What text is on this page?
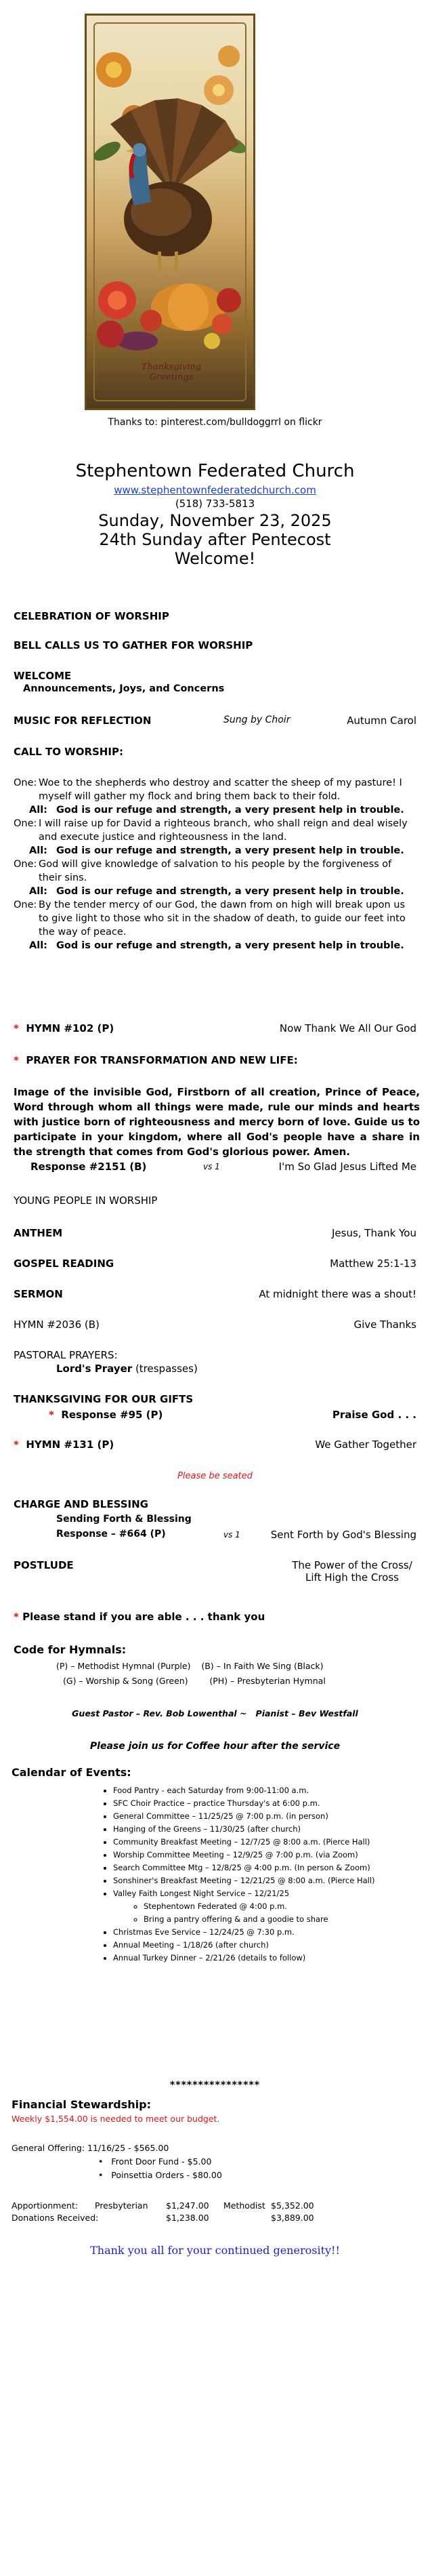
Thanksgiving
Greetings
Thanks to: pinterest.com/bulldoggrrl on flickr
Stephentown Federated Church
www.stephentownfederatedchurch.com
(518) 733-5813
Sunday, November 23, 2025
24th Sunday after Pentecost
Welcome!
CELEBRATION OF WORSHIP
BELL CALLS US TO GATHER FOR WORSHIP
WELCOME
Announcements, Joys, and Concerns
MUSIC FOR REFLECTION	Sung by Choir	Autumn Carol
CALL TO WORSHIP:
One: Woe to the shepherds who destroy and scatter the sheep of my pasture! I myself will gather my flock and bring them back to their fold.
All: God is our refuge and strength, a very present help in trouble.
One: I will raise up for David a righteous branch, who shall reign and deal wisely and execute justice and righteousness in the land.
All: God is our refuge and strength, a very present help in trouble.
One: God will give knowledge of salvation to his people by the forgiveness of their sins.
All: God is our refuge and strength, a very present help in trouble.
One: By the tender mercy of our God, the dawn from on high will break upon us to give light to those who sit in the shadow of death, to guide our feet into the way of peace.
All: God is our refuge and strength, a very present help in trouble.
* HYMN #102 (P)	Now Thank We All Our God
* PRAYER FOR TRANSFORMATION AND NEW LIFE:
Image of the invisible God, Firstborn of all creation, Prince of Peace, Word through whom all things were made, rule our minds and hearts with justice born of righteousness and mercy born of love. Guide us to participate in your kingdom, where all God's people have a share in the strength that comes from God's glorious power. Amen.
Response #2151 (B)	vs 1	I'm So Glad Jesus Lifted Me
YOUNG PEOPLE IN WORSHIP
ANTHEM	Jesus, Thank You
GOSPEL READING	Matthew 25:1-13
SERMON	At midnight there was a shout!
HYMN #2036 (B)	Give Thanks
PASTORAL PRAYERS:
Lord's Prayer (trespasses)
THANKSGIVING FOR OUR GIFTS
* Response #95 (P)	Praise God . . .
* HYMN #131 (P)	We Gather Together
Please be seated
CHARGE AND BLESSING
Sending Forth & Blessing
Response – #664 (P)	vs 1	Sent Forth by God's Blessing
POSTLUDE	The Power of the Cross/
Lift High the Cross
* Please stand if you are able . . . thank you
Code for Hymnals:
(P) – Methodist Hymnal (Purple)    (B) – In Faith We Sing (Black)
(G) – Worship & Song (Green)        (PH) – Presbyterian Hymnal
Guest Pastor – Rev. Bob Lowenthal ~   Pianist – Bev Westfall
Please join us for Coffee hour after the service
Calendar of Events:
• Food Pantry - each Saturday from 9:00-11:00 a.m.
• SFC Choir Practice – practice Thursday's at 6:00 p.m.
• General Committee – 11/25/25 @ 7:00 p.m. (in person)
• Hanging of the Greens – 11/30/25 (after church)
• Community Breakfast Meeting – 12/7/25 @ 8:00 a.m. (Pierce Hall)
• Worship Committee Meeting – 12/9/25 @ 7:00 p.m. (via Zoom)
• Search Committee Mtg – 12/8/25 @ 4:00 p.m. (In person & Zoom)
• Sonshiner's Breakfast Meeting – 12/21/25 @ 8:00 a.m. (Pierce Hall)
• Valley Faith Longest Night Service – 12/21/25
◦ Stephentown Federated @ 4:00 p.m.
◦ Bring a pantry offering & and a goodie to share
• Christmas Eve Service – 12/24/25 @ 7:30 p.m.
• Annual Meeting – 1/18/26 (after church)
• Annual Turkey Dinner – 2/21/26 (details to follow)
****************
Financial Stewardship:
Weekly $1,554.00 is needed to meet our budget.
General Offering: 11/16/25 - $565.00
•   Front Door Fund - $5.00
•   Poinsettia Orders - $80.00
Apportionment: Presbyterian $1,247.00 Methodist $5,352.00
Donations Received:	$1,238.00	$3,889.00
Thank you all for your continued generosity!!
